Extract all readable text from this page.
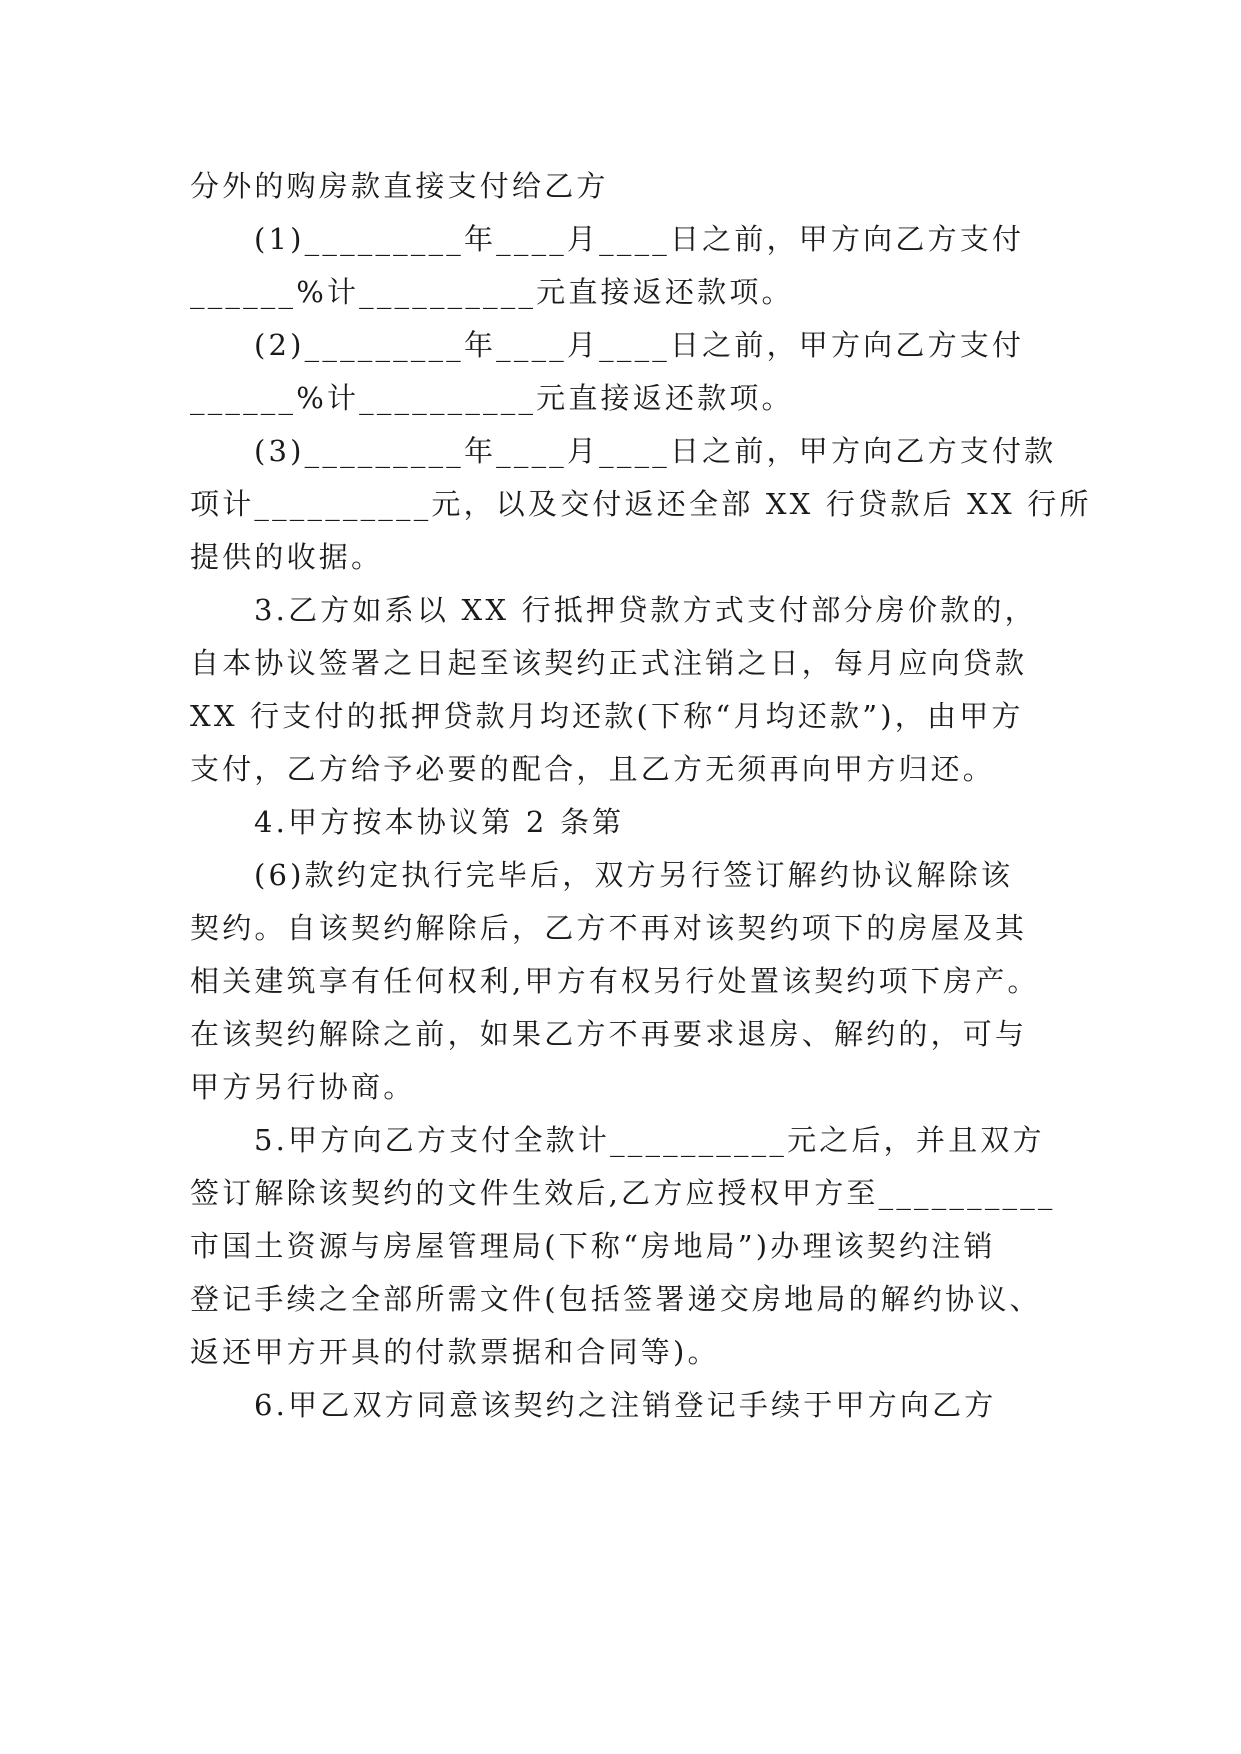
分外的购房款直接支付给乙方
(1)_________年____月____日之前，甲方向乙方支付
______%计__________元直接返还款项。
(2)_________年____月____日之前，甲方向乙方支付
______%计__________元直接返还款项。
(3)_________年____月____日之前，甲方向乙方支付款
项计__________元，以及交付返还全部 XX 行贷款后 XX 行所
提供的收据。
3.乙方如系以 XX 行抵押贷款方式支付部分房价款的，
自本协议签署之日起至该契约正式注销之日，每月应向贷款
XX 行支付的抵押贷款月均还款(下称“月均还款”)，由甲方
支付，乙方给予必要的配合，且乙方无须再向甲方归还。
4.甲方按本协议第 2 条第
(6)款约定执行完毕后，双方另行签订解约协议解除该
契约。自该契约解除后，乙方不再对该契约项下的房屋及其
相关建筑享有任何权利,甲方有权另行处置该契约项下房产。
在该契约解除之前，如果乙方不再要求退房、解约的，可与
甲方另行协商。
5.甲方向乙方支付全款计__________元之后，并且双方
签订解除该契约的文件生效后,乙方应授权甲方至__________
市国土资源与房屋管理局(下称“房地局”)办理该契约注销
登记手续之全部所需文件(包括签署递交房地局的解约协议、
返还甲方开具的付款票据和合同等)。
6.甲乙双方同意该契约之注销登记手续于甲方向乙方
